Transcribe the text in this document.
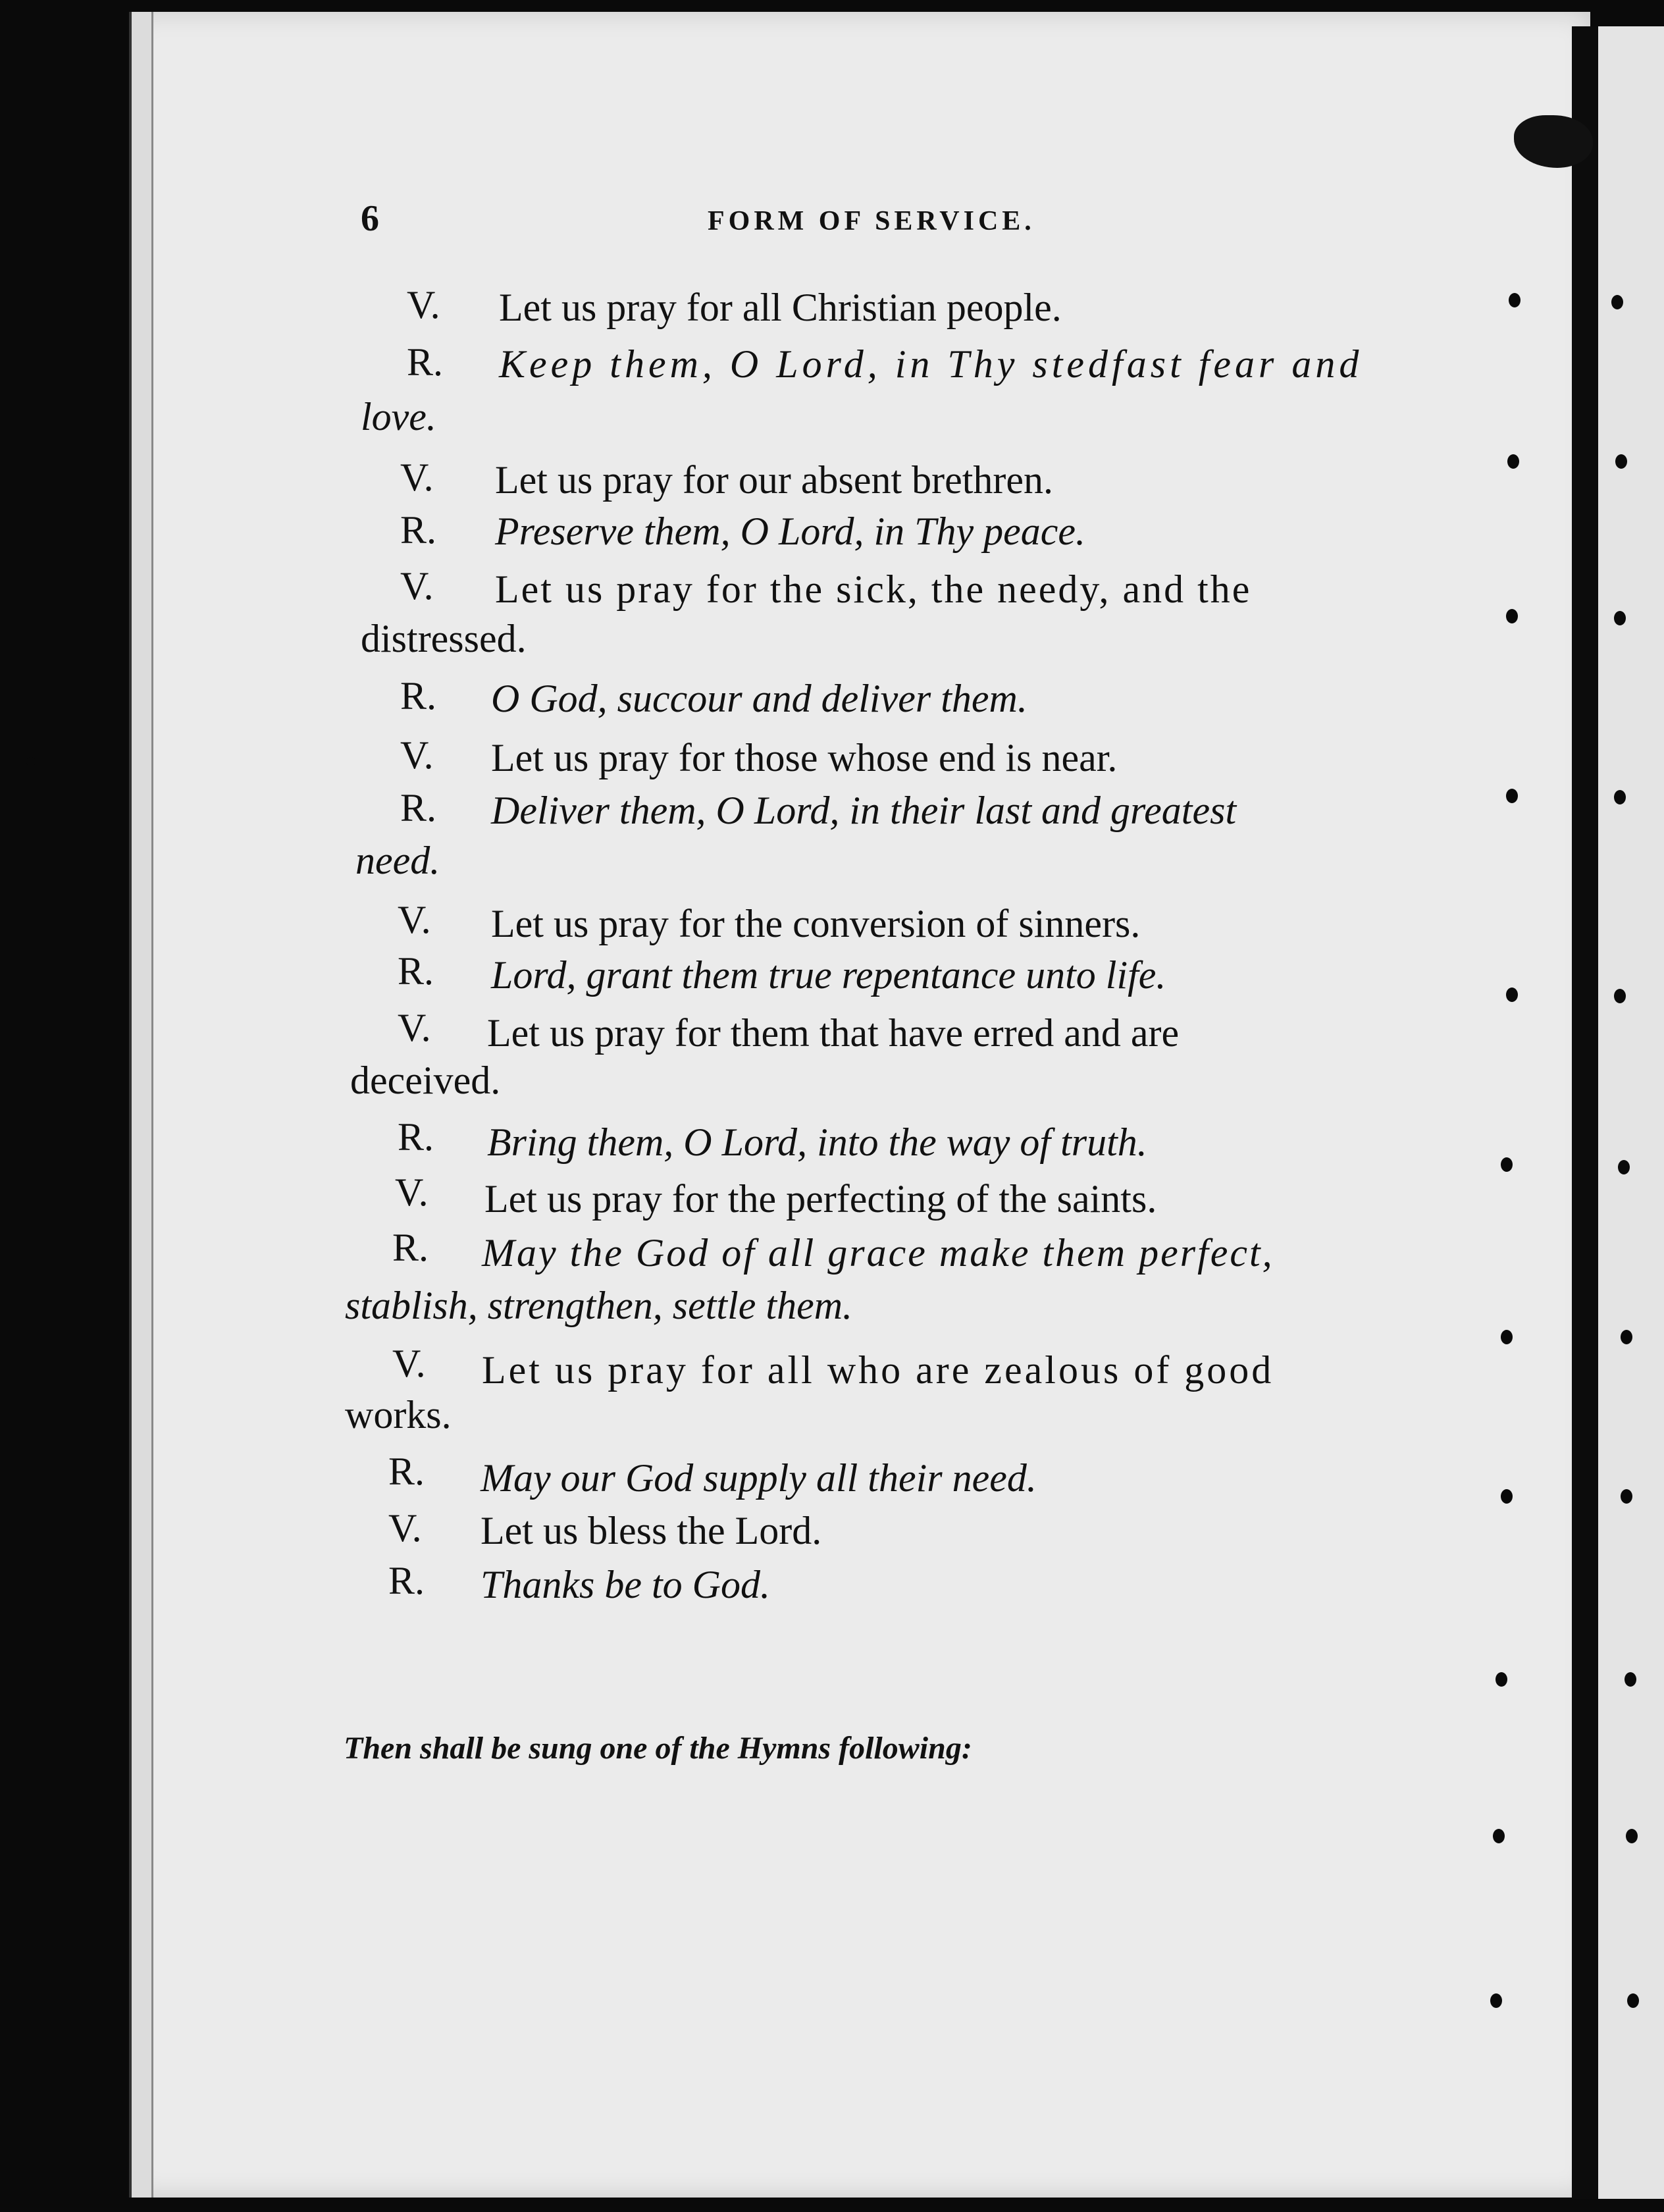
6	FORM OF SERVICE.
V. Let us pray for all Christian people.
R. Keep them, O Lord, in Thy stedfast fear and
love.
V. Let us pray for our absent brethren.
R. Preserve them, O Lord, in Thy peace.
V. Let us pray for the sick, the needy, and the
distressed.
R. O God, succour and deliver them.
V. Let us pray for those whose end is near.
R. Deliver them, O Lord, in their last and greatest
need.
V. Let us pray for the conversion of sinners.
R. Lord, grant them true repentance unto life.
V. Let us pray for them that have erred and are
deceived.
R. Bring them, O Lord, into the way of truth.
V. Let us pray for the perfecting of the saints.
R. May the God of all grace make them perfect,
stablish, strengthen, settle them.
V. Let us pray for all who are zealous of good
works.
R. May our God supply all their need.
V. Let us bless the Lord.
R. Thanks be to God.
Then shall be sung one of the Hymns following:
